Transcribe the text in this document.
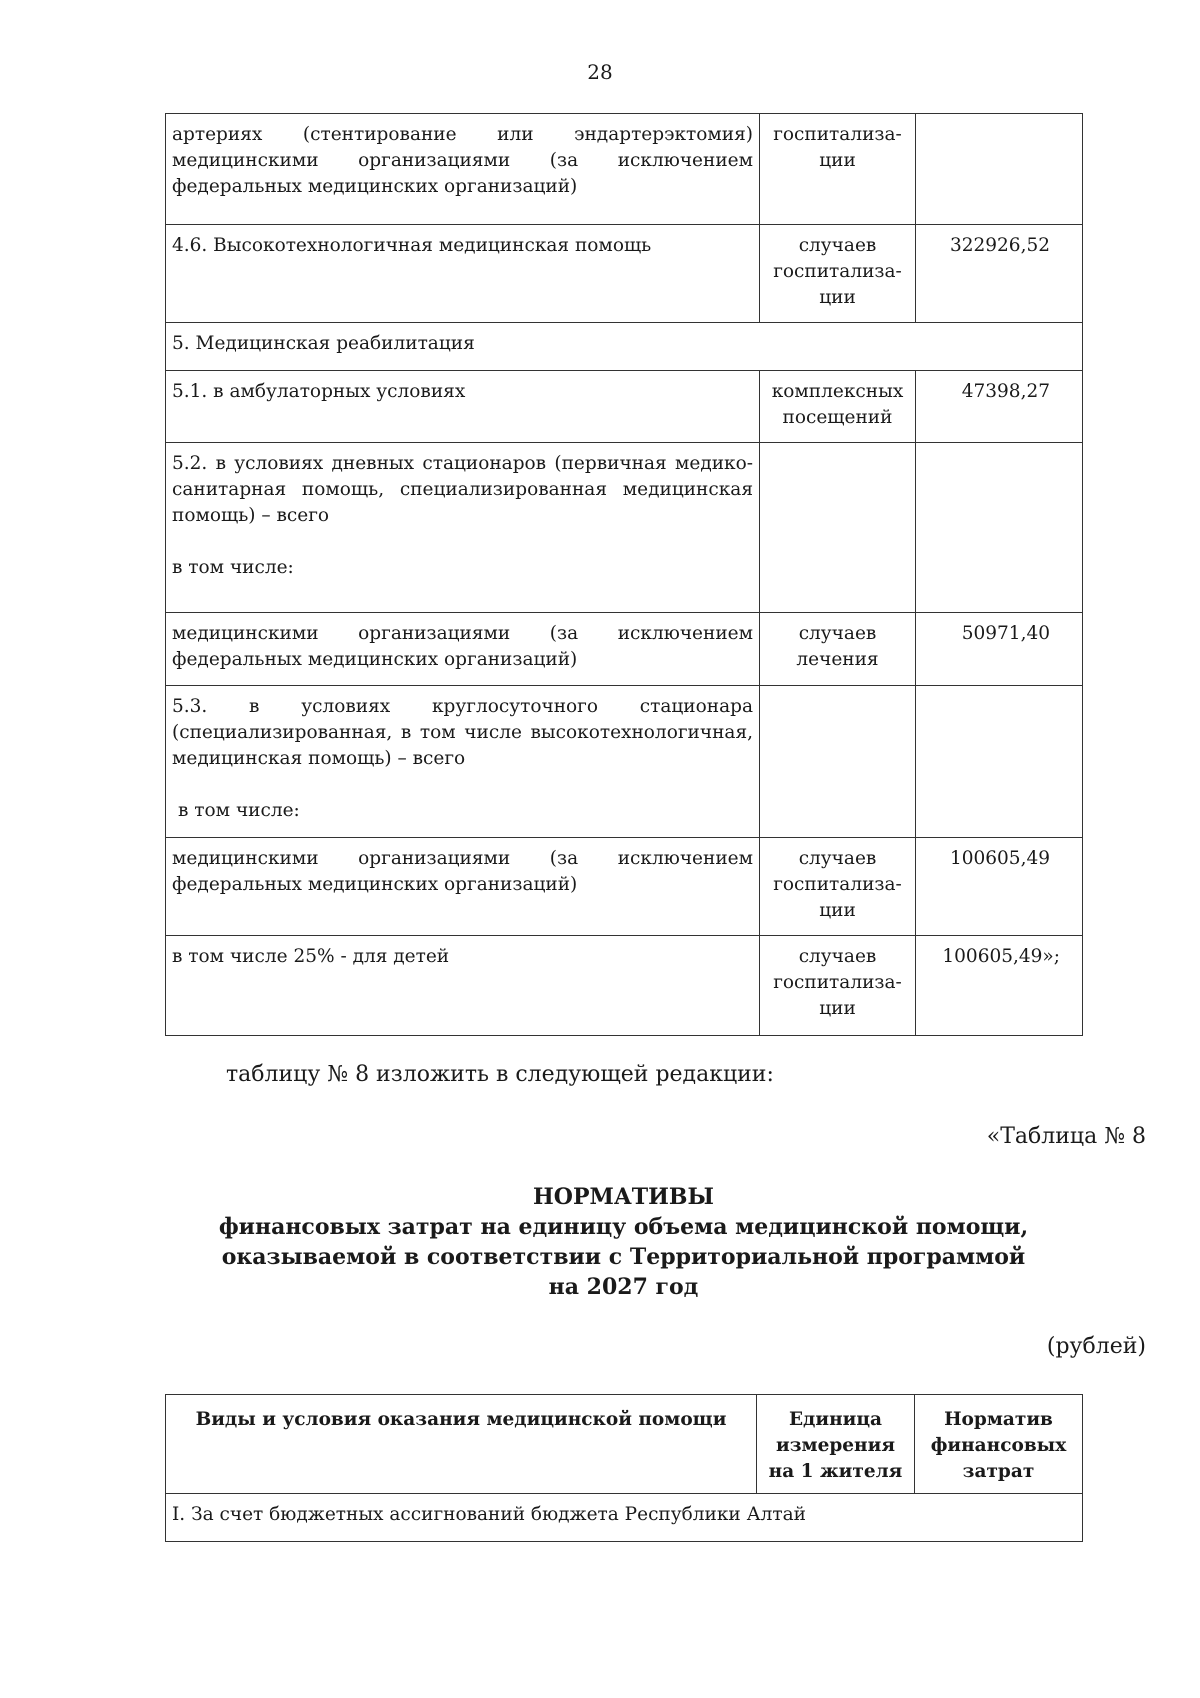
28
артериях (стентирование или эндартерэктомия) медицинскими организациями (за исключением федеральных медицинских организаций)	госпитализа-ции	
4.6. Высокотехнологичная медицинская помощь	случаев госпитализа-ции	322926,52
5. Медицинская реабилитация		
5.1. в амбулаторных условиях	комплексных посещений	47398,27

5.2. в условиях дневных стационаров (первичная медико-санитарная помощь, специализированная медицинская помощь) – всего
в том числе:		

медицинскими организациями (за исключением федеральных медицинских организаций)	случаев лечения	50971,40

5.3. в условиях круглосуточного стационара (специализированная, в том числе высокотехнологичная, медицинская помощь) – всего
в том числе:		

медицинскими организациями (за исключением федеральных медицинских организаций)	случаев госпитализа-ции	100605,49
в том числе 25% - для детей	случаев госпитализа-ции	100605,49»;
таблицу № 8 изложить в следующей редакции:
«Таблица № 8
НОРМАТИВЫ
финансовых затрат на единицу объема медицинской помощи,
оказываемой в соответствии с Территориальной программой
на 2027 год
(рублей)
Виды и условия оказания медицинской помощи	Единица измерения на 1 жителя	Норматив финансовых затрат
I. За счет бюджетных ассигнований бюджета Республики Алтай
